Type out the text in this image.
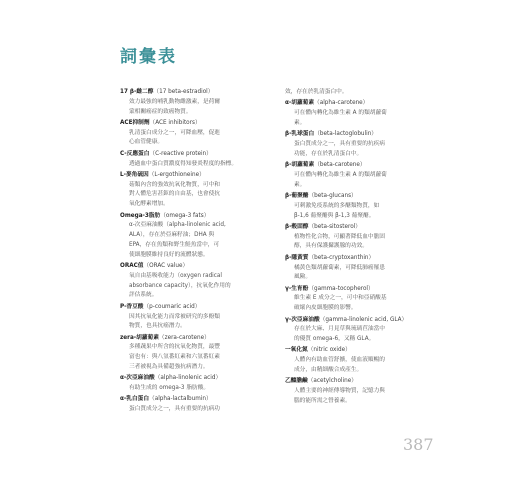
詞彙表
17 β-雌二醇（17 beta-estradiol）
效力最強的哺乳動物雌激素，是荷爾
蒙相關癌症的致癌物質。
ACE抑制劑（ACE inhibitors）
乳清蛋白成分之一，可降血壓，促進
心血管健康。
C-反應蛋白（C-reactive protein）
透過血中蛋白質濃度得知發炎程度的指標。
L-麥角硫因（L-ergothioneine）
菇類內含的強效抗氧化物質，可中和
對人體危害甚鉅的自由基，也會使抗
氧化酵素增加。
Omega-3脂肪（omega-3 fats）
α-次亞麻油酸（alpha-linolenic acid,
ALA），存在於亞麻籽油；DHA 與
EPA，存在魚類和野生鮭魚當中，可
使細胞膜維持良好的流體狀態。
ORAC值（ORAC value）
氧自由基吸收能力（oxygen radical
absorbance capacity），抗氧化作用的
評估系統。
P-香豆酸（p-coumaric acid）
因其抗氧化能力而常被研究的多酚類
物質，也具抗癌潛力。
zera-胡蘿蔔素（zera-carotene）
多種蔬果中所含的抗氧化物質，最豐
富也有：與八氫番紅素和六氫番紅素
三者被視為具備超強抗病潛力。
α-次亞麻油酸（alpha-linolenic acid）
有助生成的 omega-3 脂肪酸。
α-乳白蛋白（alpha-lactalbumin）
蛋白質成分之一，具有重要的抗病功
效，存在於乳清蛋白中。
α-胡蘿蔔素（alpha-carotene）
可在體內轉化為維生素 A 的類胡蘿蔔
素。
β-乳球蛋白（beta-lactoglobulin）
蛋白質成分之一，具有重要的抗疾病
功能，存在於乳清蛋白中。
β-胡蘿蔔素（beta-carotene）
可在體內轉化為維生素 A 的類胡蘿蔔
素。
β-葡聚醣（beta-glucans）
可刺激免疫系統的多醣類物質，如
β-1,6 葡聚醣與 β-1,3 葡聚醣。
β-穀固醇（beta-sitosterol）
植物性化合物，可顯著降低血中膽固
醇，具有保護攝護腺的功效。
β-隱黃質（beta-cryptoxanthin）
橘黃色類胡蘿蔔素，可降低肺癌罹患
風險。
γ-生育酚（gamma-tocopherol）
維生素 E 成分之一，可中和亞硝酸基
破壞內皮細胞膜的影響。
γ-次亞麻油酸（gamma-linolenic acid, GLA）
存在於大麻、月見草與琉璃苣油當中
的優質 omega-6，又稱 GLA。
一氧化氮（nitric oxide）
人體內有助血管舒擴，使血液順暢的
成分，由精細酸合成產生。
乙醯膽鹼（acetylcholine）
人體主要的神經傳導物質，記憶力與
腦的能所需之營養素。
387
